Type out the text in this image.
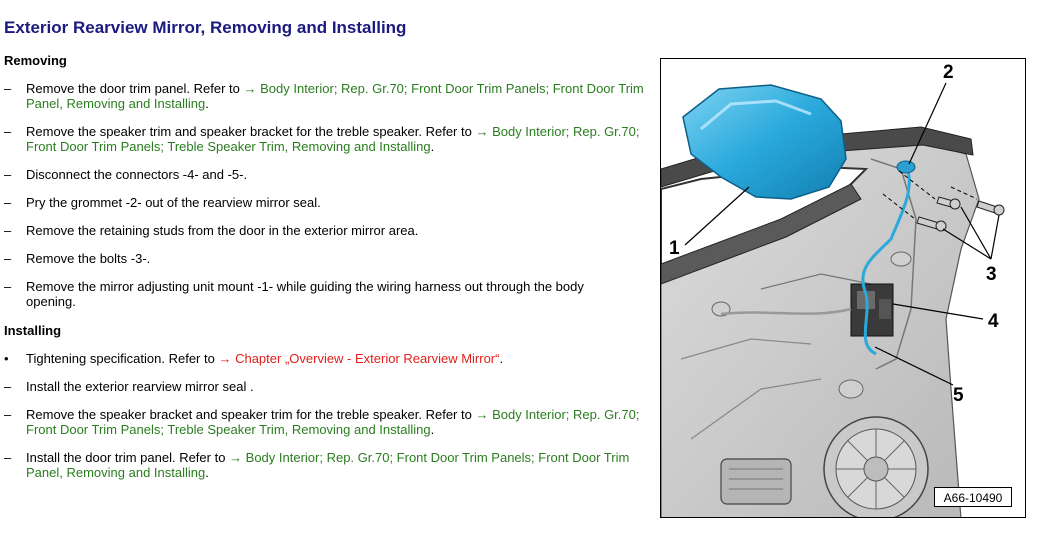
Exterior Rearview Mirror, Removing and Installing
Removing
–	Remove the door trim panel. Refer to → Body Interior; Rep. Gr.70; Front Door Trim Panels; Front Door Trim Panel, Removing and Installing.
–	Remove the speaker trim and speaker bracket for the treble speaker. Refer to → Body Interior; Rep. Gr.70; Front Door Trim Panels; Treble Speaker Trim, Removing and Installing.
–	Disconnect the connectors -4- and -5-.
–	Pry the grommet -2- out of the rearview mirror seal.
–	Remove the retaining studs from the door in the exterior mirror area.
–	Remove the bolts -3-.
–	Remove the mirror adjusting unit mount -1- while guiding the wiring harness out through the body opening.
Installing
•	Tightening specification. Refer to → Chapter „Overview - Exterior Rearview Mirror“.
–	Install the exterior rearview mirror seal .
–	Remove the speaker bracket and speaker trim for the treble speaker. Refer to → Body Interior; Rep. Gr.70; Front Door Trim Panels; Treble Speaker Trim, Removing and Installing.
–	Install the door trim panel. Refer to → Body Interior; Rep. Gr.70; Front Door Trim Panels; Front Door Trim Panel, Removing and Installing.
1
2
3
4
5
A66-10490
